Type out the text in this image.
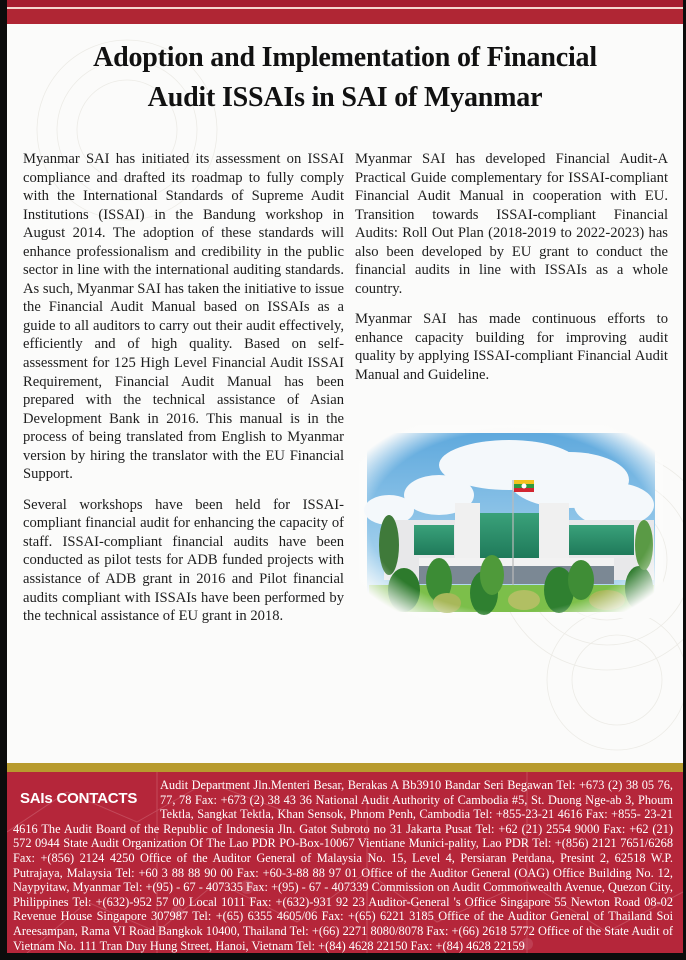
Adoption and Implementation of Financial
Audit ISSAIs in SAI of Myanmar

Myanmar SAI has initiated its assessment on ISSAI compliance and drafted its roadmap to fully comply with the International Standards of Supreme Audit Institutions (ISSAI) in the Bandung workshop in August 2014. The adoption of these standards will enhance professionalism and credibility in the public sector in line with the international auditing standards. As such, Myanmar SAI has taken the initiative to issue the Financial Audit Manual based on ISSAIs as a guide to all auditors to carry out their audit effectively, efficiently and of high quality. Based on self-assessment for 125 High Level Financial Audit ISSAI Requirement, Financial Audit Manual has been prepared with the technical assistance of Asian Development Bank in 2016. This manual is in the process of being translated from English to Myanmar version by hiring the translator with the EU Financial Support.

Several workshops have been held for ISSAI-compliant financial audit for enhancing the capacity of staff. ISSAI-compliant financial audits have been conducted as pilot tests for ADB funded projects with assistance of ADB grant in 2016 and Pilot financial audits compliant with ISSAIs have been performed by the technical assistance of EU grant in 2018.

Myanmar SAI has developed Financial Audit-A Practical Guide complementary for ISSAI-compliant Financial Audit Manual in cooperation with EU. Transition towards ISSAI-compliant Financial Audits: Roll Out Plan (2018-2019 to 2022-2023) has also been developed by EU grant to conduct the financial audits in line with ISSAIs as a whole country.

Myanmar SAI has made continuous efforts to enhance capacity building for improving audit quality by applying ISSAI-compliant Financial Audit Manual and Guideline.

SAIs CONTACTS
Audit Department Jln.Menteri Besar, Berakas A Bb3910 Bandar Seri Begawan Tel: +673 (2) 38 05 76, 77, 78 Fax: +673 (2) 38 43 36 National Audit Authority of Cambodia #5, St. Duong Nge-ab 3, Phoum Tektla, Sangkat Tektla, Khan Sensok, Phnom Penh, Cambodia Tel: +855-23-21 4616 Fax: +855- 23-21 4616 The Audit Board of the Republic of Indonesia Jln. Gatot Subroto no 31 Jakarta Pusat Tel: +62 (21) 2554 9000 Fax: +62 (21) 572 0944 State Audit Organization Of The Lao PDR PO-Box-10067 Vientiane Munici-pality, Lao PDR Tel: +(856) 2121 7651/6268 Fax: +(856) 2124 4250 Office of the Auditor General of Malaysia No. 15, Level 4, Persiaran Perdana, Presint 2, 62518 W.P. Putrajaya, Malaysia Tel: +60 3 88 88 90 00 Fax: +60-3-88 88 97 01 Office of the Auditor General (OAG) Office Building No. 12, Naypyitaw, Myanmar Tel: +(95) - 67 - 407335 Fax: +(95) - 67 - 407339 Commission on Audit Commonwealth Avenue, Quezon City, Philippines Tel: +(632)-952 57 00 Local 1011 Fax: +(632)-931 92 23 Auditor-General 's Office Singapore 55 Newton Road 08-02 Revenue House Singapore 307987 Tel: +(65) 6355 4605/06 Fax: +(65) 6221 3185 Office of the Auditor General of Thailand Soi Areesampan, Rama VI Road Bangkok 10400, Thailand Tel: +(66) 2271 8080/8078 Fax: +(66) 2618 5772 Office of the State Audit of Vietnam No. 111 Tran Duy Hung Street, Hanoi, Vietnam Tel: +(84) 4628 22150 Fax: +(84) 4628 22159
